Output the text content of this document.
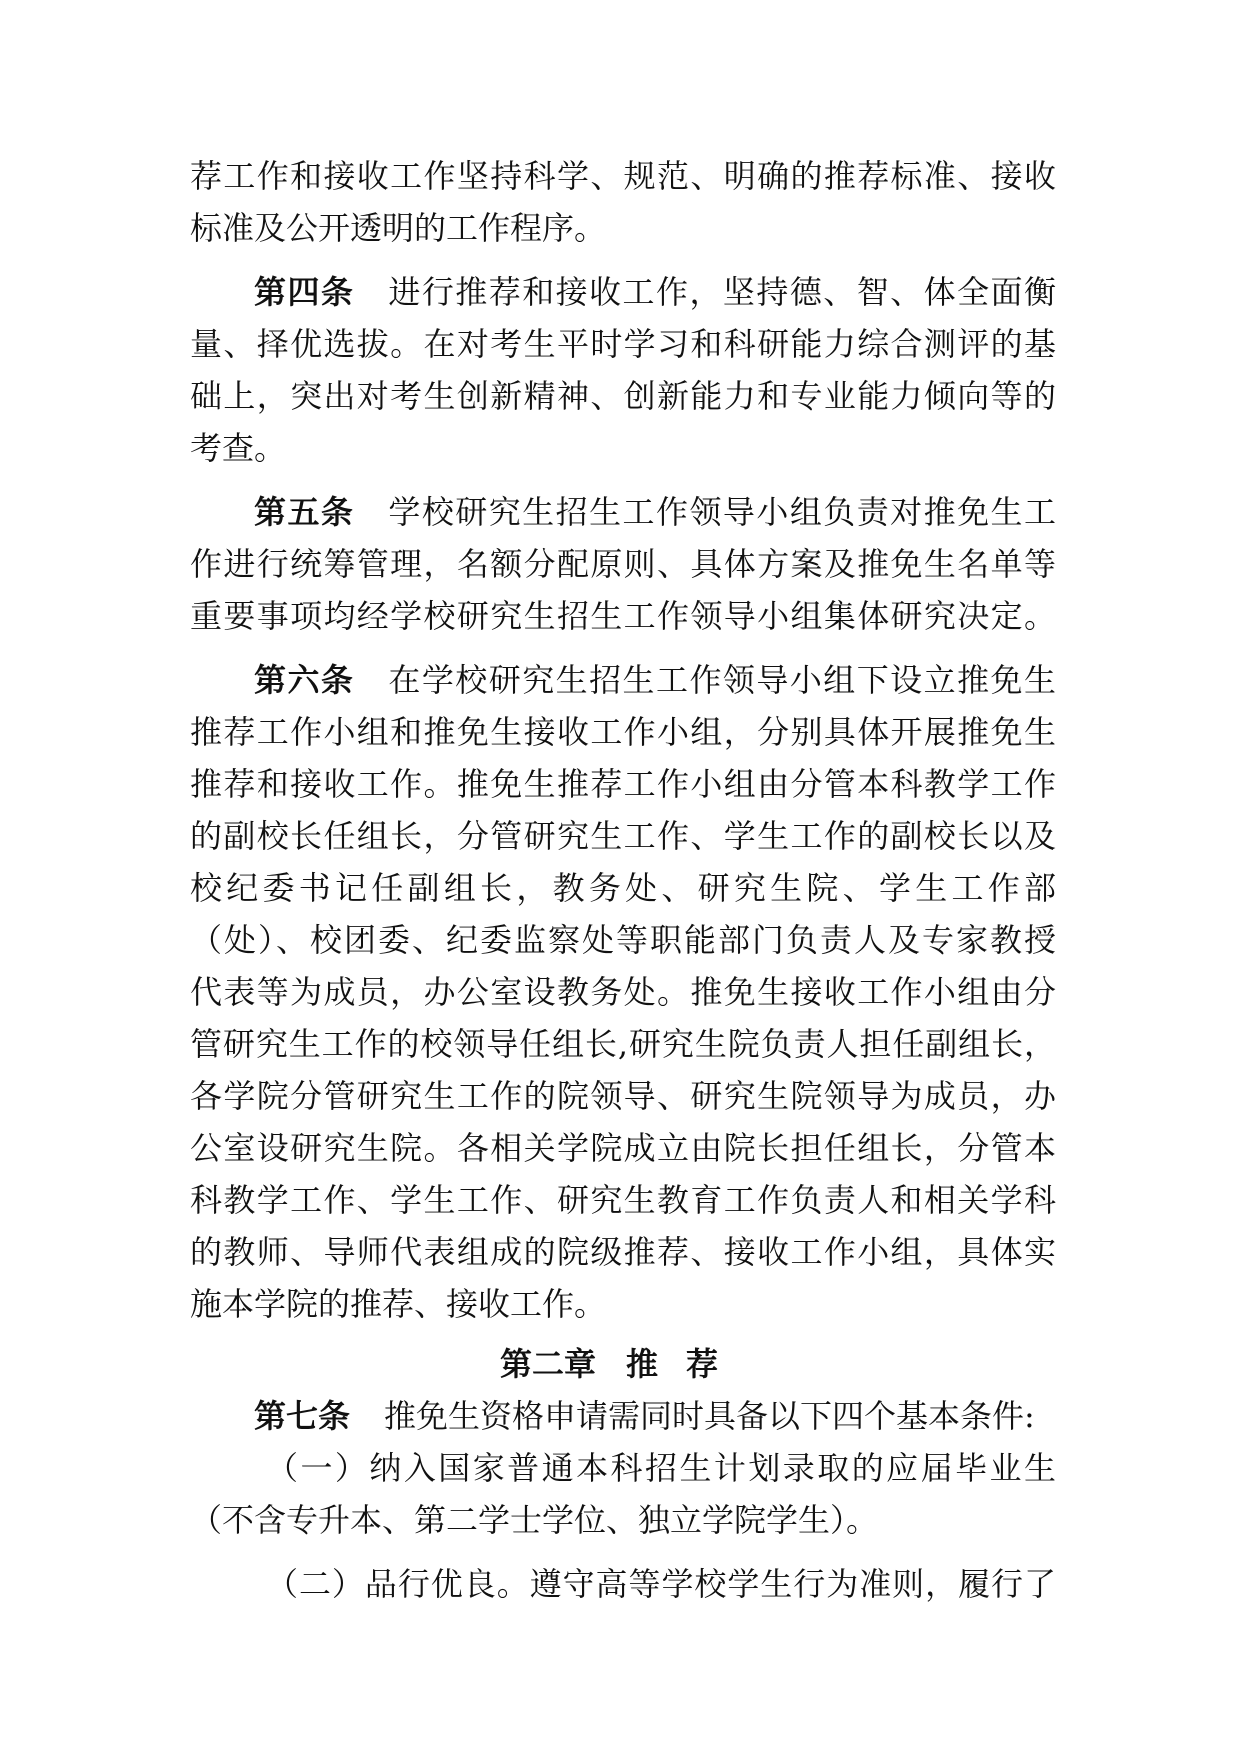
荐工作和接收工作坚持科学、规范、明确的推荐标准、接收
标准及公开透明的工作程序。
第四条 进行推荐和接收工作，坚持德、智、体全面衡
量、择优选拔。在对考生平时学习和科研能力综合测评的基
础上，突出对考生创新精神、创新能力和专业能力倾向等的
考查。
第五条 学校研究生招生工作领导小组负责对推免生工
作进行统筹管理，名额分配原则、具体方案及推免生名单等
重要事项均经学校研究生招生工作领导小组集体研究决定。
第六条 在学校研究生招生工作领导小组下设立推免生
推荐工作小组和推免生接收工作小组，分别具体开展推免生
推荐和接收工作。推免生推荐工作小组由分管本科教学工作
的副校长任组长，分管研究生工作、学生工作的副校长以及
校纪委书记任副组长，教务处、研究生院、学生工作部
（处）、校团委、纪委监察处等职能部门负责人及专家教授
代表等为成员，办公室设教务处。推免生接收工作小组由分
管研究生工作的校领导任组长,研究生院负责人担任副组长，
各学院分管研究生工作的院领导、研究生院领导为成员，办
公室设研究生院。各相关学院成立由院长担任组长，分管本
科教学工作、学生工作、研究生教育工作负责人和相关学科
的教师、导师代表组成的院级推荐、接收工作小组，具体实
施本学院的推荐、接收工作。
第二章 推荐
第七条 推免生资格申请需同时具备以下四个基本条件:
（一）纳入国家普通本科招生计划录取的应届毕业生
（不含专升本、第二学士学位、独立学院学生）。
（二）品行优良。遵守高等学校学生行为准则，履行了
